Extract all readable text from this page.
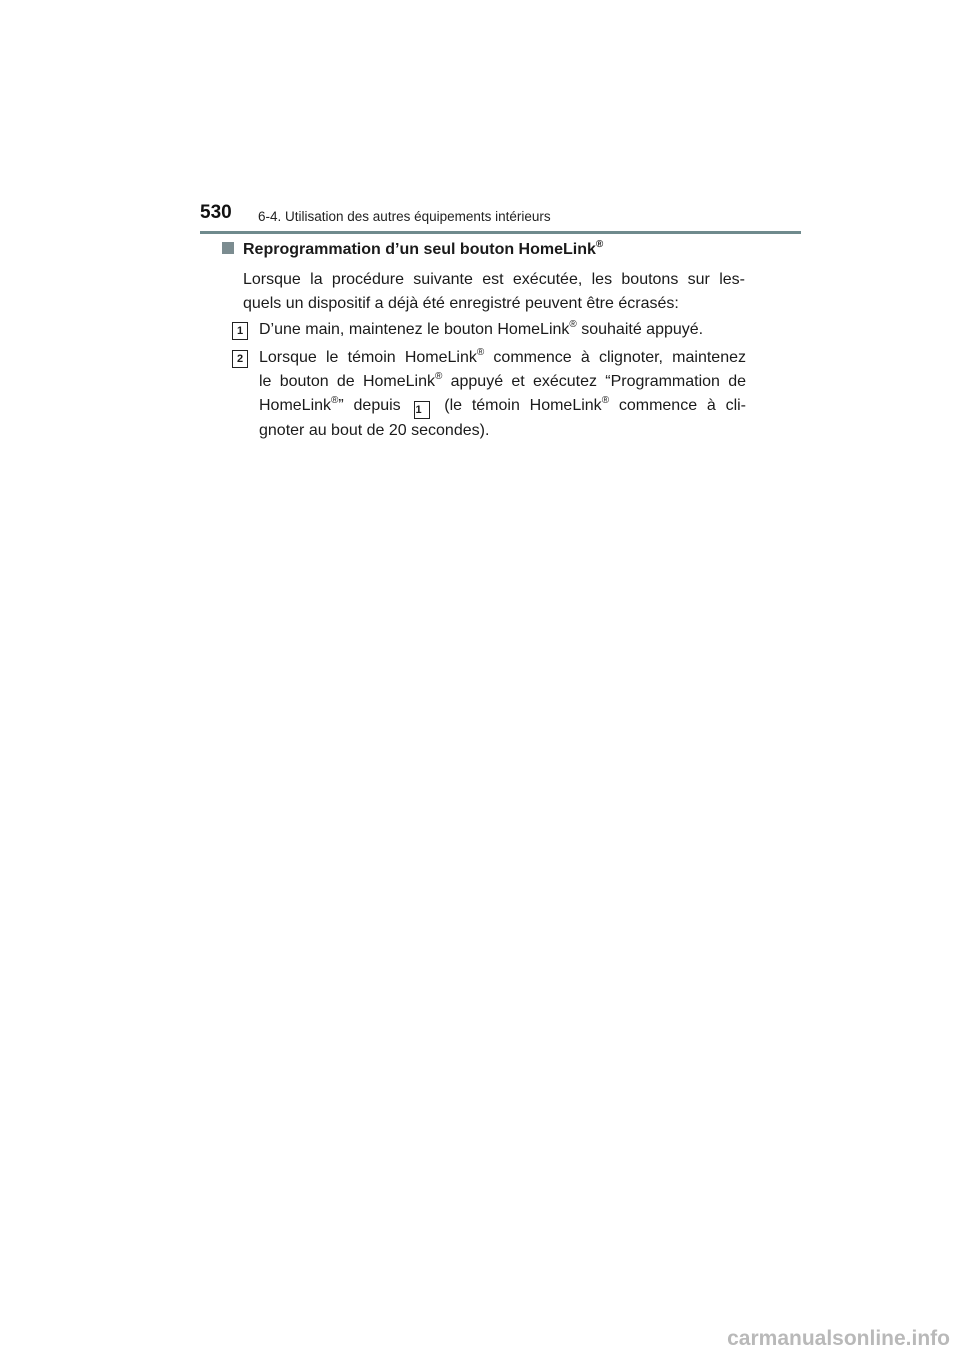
530 6-4. Utilisation des autres équipements intérieurs
Reprogrammation d’un seul bouton HomeLink®
Lorsque la procédure suivante est exécutée, les boutons sur les-
quels un dispositif a déjà été enregistré peuvent être écrasés:
1 D’une main, maintenez le bouton HomeLink® souhaité appuyé.
2 Lorsque le témoin HomeLink® commence à clignoter, maintenez
le bouton de HomeLink® appuyé et exécutez “Programmation de
HomeLink®” depuis 1 (le témoin HomeLink® commence à cli-
gnoter au bout de 20 secondes).
carmanualsonline.info
